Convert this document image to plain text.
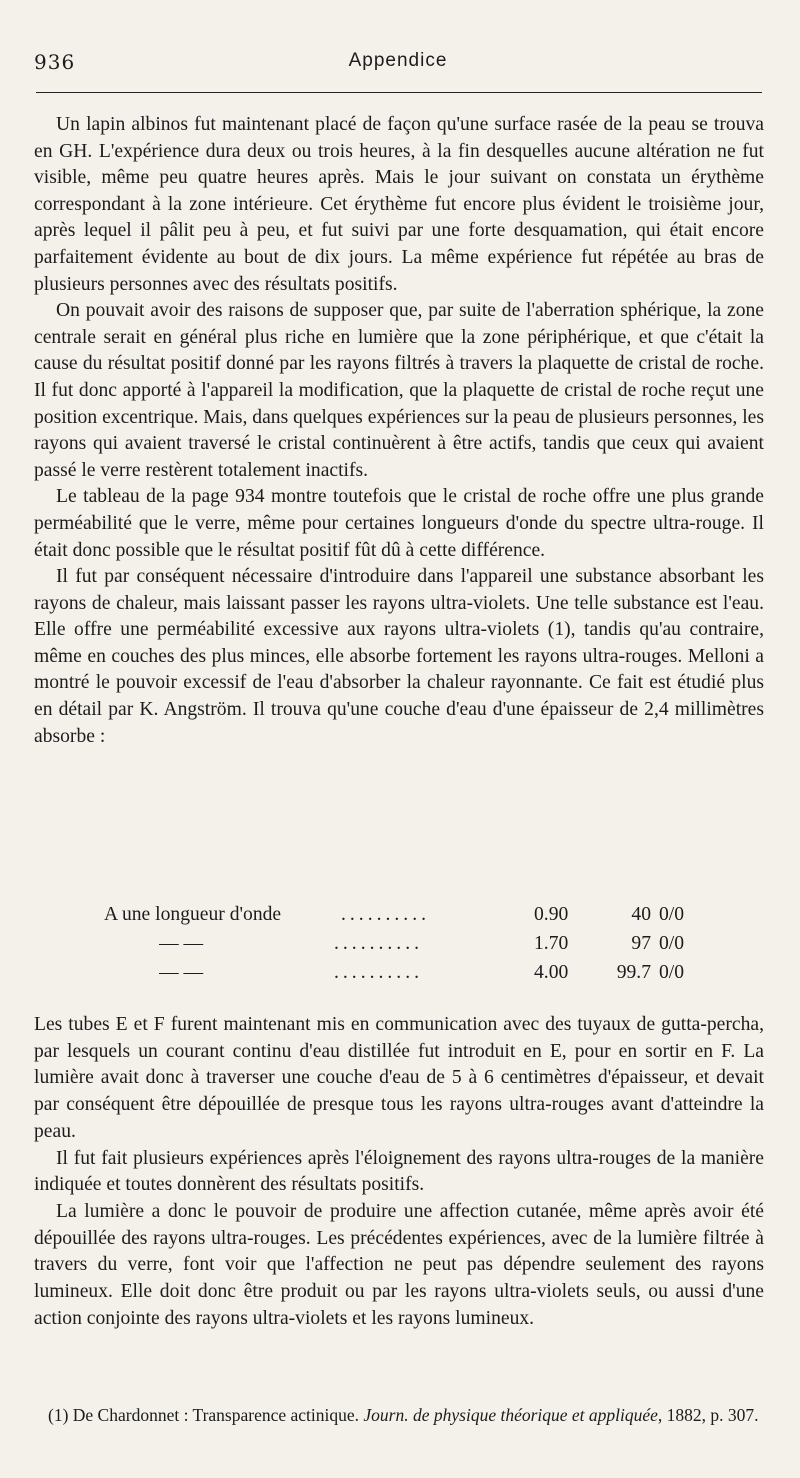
936	Appendice

Un lapin albinos fut maintenant placé de façon qu'une surface rasée de la peau se trouva en GH. L'expérience dura deux ou trois heures, à la fin desquelles aucune altération ne fut visible, même peu quatre heures après. Mais le jour suivant on constata un érythème correspondant à la zone intérieure. Cet érythème fut encore plus évident le troisième jour, après lequel il pâlit peu à peu, et fut suivi par une forte desquamation, qui était encore parfaitement évidente au bout de dix jours. La même expérience fut répétée au bras de plusieurs personnes avec des résultats positifs.

On pouvait avoir des raisons de supposer que, par suite de l'aberration sphérique, la zone centrale serait en général plus riche en lumière que la zone périphérique, et que c'était la cause du résultat positif donné par les rayons filtrés à travers la plaquette de cristal de roche. Il fut donc apporté à l'appareil la modification, que la plaquette de cristal de roche reçut une position excentrique. Mais, dans quelques expériences sur la peau de plusieurs personnes, les rayons qui avaient traversé le cristal continuèrent à être actifs, tandis que ceux qui avaient passé le verre restèrent totalement inactifs.

Le tableau de la page 934 montre toutefois que le cristal de roche offre une plus grande perméabilité que le verre, même pour certaines longueurs d'onde du spectre ultra-rouge. Il était donc possible que le résultat positif fût dû à cette différence.

Il fut par conséquent nécessaire d'introduire dans l'appareil une substance absorbant les rayons de chaleur, mais laissant passer les rayons ultra-violets. Une telle substance est l'eau. Elle offre une perméabilité excessive aux rayons ultra-violets (1), tandis qu'au contraire, même en couches des plus minces, elle absorbe fortement les rayons ultra-rouges. Melloni a montré le pouvoir excessif de l'eau d'absorber la chaleur rayonnante. Ce fait est étudié plus en détail par K. Angström. Il trouva qu'une couche d'eau d'une épaisseur de 2,4 millimètres absorbe :

A une longueur d'onde	..........	0.90	40 0/0
— —	..........	1.70	97 0/0
— —	..........	4.00	99.7 0/0

Les tubes E et F furent maintenant mis en communication avec des tuyaux de gutta-percha, par lesquels un courant continu d'eau distillée fut introduit en E, pour en sortir en F. La lumière avait donc à traverser une couche d'eau de 5 à 6 centimètres d'épaisseur, et devait par conséquent être dépouillée de presque tous les rayons ultra-rouges avant d'atteindre la peau.

Il fut fait plusieurs expériences après l'éloignement des rayons ultra-rouges de la manière indiquée et toutes donnèrent des résultats positifs.

La lumière a donc le pouvoir de produire une affection cutanée, même après avoir été dépouillée des rayons ultra-rouges. Les précédentes expériences, avec de la lumière filtrée à travers du verre, font voir que l'affection ne peut pas dépendre seulement des rayons lumineux. Elle doit donc être produit ou par les rayons ultra-violets seuls, ou aussi d'une action conjointe des rayons ultra-violets et les rayons lumineux.

(1) De Chardonnet : Transparence actinique. Journ. de physique théorique et appliquée, 1882, p. 307.
